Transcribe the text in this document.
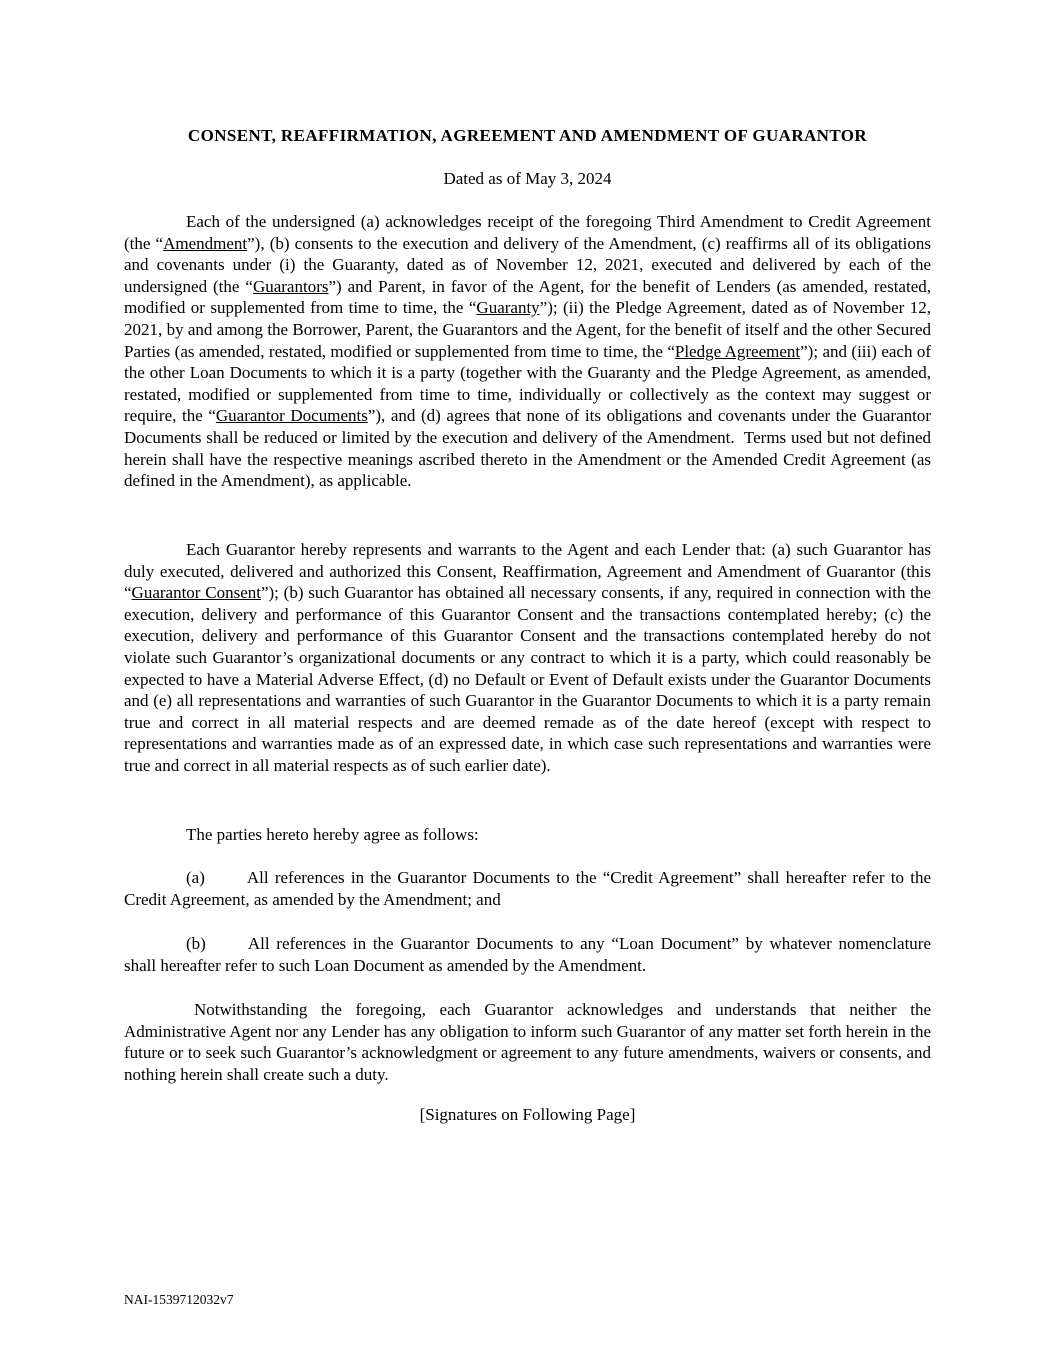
CONSENT, REAFFIRMATION, AGREEMENT AND AMENDMENT OF GUARANTOR
Dated as of May 3, 2024

Each of the undersigned (a) acknowledges receipt of the foregoing Third Amendment to Credit Agreement (the “Amendment”), (b) consents to the execution and delivery of the Amendment, (c) reaffirms all of its obligations and covenants under (i) the Guaranty, dated as of November 12, 2021, executed and delivered by each of the undersigned (the “Guarantors”) and Parent, in favor of the Agent, for the benefit of Lenders (as amended, restated, modified or supplemented from time to time, the “Guaranty”); (ii) the Pledge Agreement, dated as of November 12, 2021, by and among the Borrower, Parent, the Guarantors and the Agent, for the benefit of itself and the other Secured Parties (as amended, restated, modified or supplemented from time to time, the “Pledge Agreement”); and (iii) each of the other Loan Documents to which it is a party (together with the Guaranty and the Pledge Agreement, as amended, restated, modified or supplemented from time to time, individually or collectively as the context may suggest or require, the “Guarantor Documents”), and (d) agrees that none of its obligations and covenants under the Guarantor Documents shall be reduced or limited by the execution and delivery of the Amendment.  Terms used but not defined herein shall have the respective meanings ascribed thereto in the Amendment or the Amended Credit Agreement (as defined in the Amendment), as applicable.

Each Guarantor hereby represents and warrants to the Agent and each Lender that: (a) such Guarantor has duly executed, delivered and authorized this Consent, Reaffirmation, Agreement and Amendment of Guarantor (this “Guarantor Consent”); (b) such Guarantor has obtained all necessary consents, if any, required in connection with the execution, delivery and performance of this Guarantor Consent and the transactions contemplated hereby; (c) the execution, delivery and performance of this Guarantor Consent and the transactions contemplated hereby do not violate such Guarantor’s organizational documents or any contract to which it is a party, which could reasonably be expected to have a Material Adverse Effect, (d) no Default or Event of Default exists under the Guarantor Documents and (e) all representations and warranties of such Guarantor in the Guarantor Documents to which it is a party remain true and correct in all material respects and are deemed remade as of the date hereof (except with respect to representations and warranties made as of an expressed date, in which case such representations and warranties were true and correct in all material respects as of such earlier date).

The parties hereto hereby agree as follows:

(a) All references in the Guarantor Documents to the “Credit Agreement” shall hereafter refer to the Credit Agreement, as amended by the Amendment; and

(b) All references in the Guarantor Documents to any “Loan Document” by whatever nomenclature shall hereafter refer to such Loan Document as amended by the Amendment.

Notwithstanding the foregoing, each Guarantor acknowledges and understands that neither the Administrative Agent nor any Lender has any obligation to inform such Guarantor of any matter set forth herein in the future or to seek such Guarantor’s acknowledgment or agreement to any future amendments, waivers or consents, and nothing herein shall create such a duty.

[Signatures on Following Page]
NAI-1539712032v7
